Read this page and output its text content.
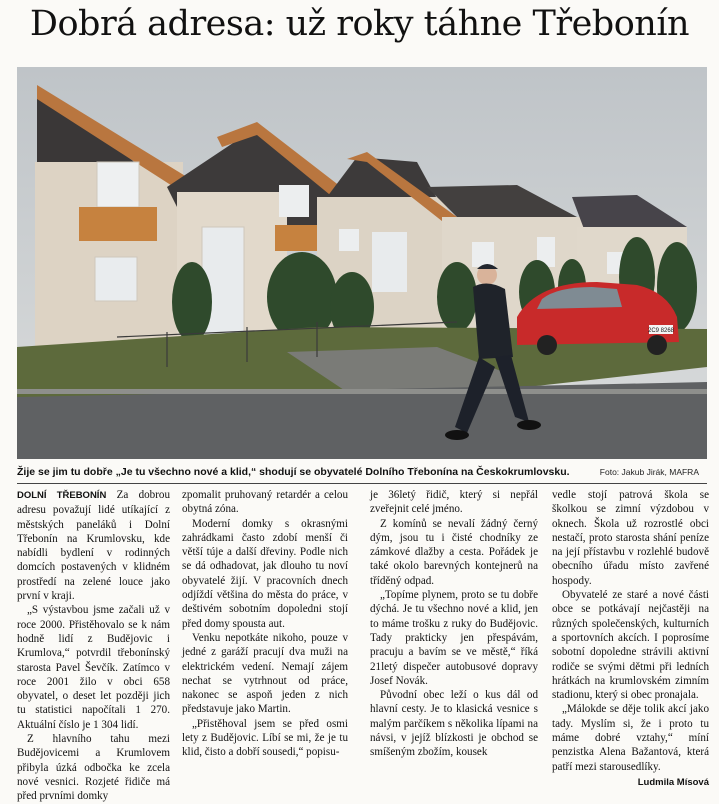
Dobrá adresa: už roky táhne Třebonín
2C9 8268
Žije se jim tu dobře „Je tu všechno nové a klid,“ shodují se obyvatelé Dolního Třebonína na Českokrumlovsku.	Foto: Jakub Jirák, MAFRA

DOLNÍ TŘEBONÍN Za dobrou adresu považují lidé utíkající z městských paneláků i Dolní Třebonín na Krumlovsku, kde nabídli bydlení v rodinných domcích postavených v klidném prostředí na zelené louce jako první v kraji.

„S výstavbou jsme začali už v roce 2000. Přistěhovalo se k nám hodně lidí z Budějovic i Krumlova,“ potvrdil třebonínský starosta Pavel Ševčík. Zatímco v roce 2001 žilo v obci 658 obyvatel, o deset let později jich tu statistici napočítali 1 270. Aktuální číslo je 1 304 lidí.

Z hlavního tahu mezi Budějovicemi a Krumlovem přibyla úzká odbočka ke zcela nové vesnici. Rozjeté řidiče má před prvními domky

zpomalit pruhovaný retardér a celou obytná zóna.

Moderní domky s okrasnými zahrádkami často zdobí menší či větší túje a další dřeviny. Podle nich se dá odhadovat, jak dlouho tu noví obyvatelé žijí. V pracovních dnech odjíždí většina do města do práce, v deštivém sobotním dopoledni stojí před domy spousta aut.

Venku nepotkáte nikoho, pouze v jedné z garáží pracují dva muži na elektrickém vedení. Nemají zájem nechat se vytrhnout od práce, nakonec se aspoň jeden z nich představuje jako Martin.

„Přistěhoval jsem se před osmi lety z Budějovic. Líbí se mi, že je tu klid, čisto a dobří sousedi,“ popisu-

je 36letý řidič, který si nepřál zveřejnit celé jméno.

Z komínů se nevalí žádný černý dým, jsou tu i čisté chodníky ze zámkové dlažby a cesta. Pořádek je také okolo barevných kontejnerů na tříděný odpad.

„Topíme plynem, proto se tu dobře dýchá. Je tu všechno nové a klid, jen to máme trošku z ruky do Budějovic. Tady prakticky jen přespávám, pracuju a bavím se ve městě,“ říká 21letý dispečer autobusové dopravy Josef Novák.

Původní obec leží o kus dál od hlavní cesty. Je to klasická vesnice s malým parčíkem s několika lípami na návsi, v jejíž blízkosti je obchod se smíšeným zbožím, kousek

vedle stojí patrová škola se školkou se zimní výzdobou v oknech. Škola už rozrostlé obci nestačí, proto starosta shání peníze na její přístavbu v rozlehlé budově obecního úřadu místo zavřené hospody.

Obyvatelé ze staré a nové části obce se potkávají nejčastěji na různých společenských, kulturních a sportovních akcích. I poprosíme sobotní dopoledne strávili aktivní rodiče se svými dětmi při ledních hrátkách na krumlovském zimním stadionu, který si obec pronajala.

„Málokde se děje tolik akcí jako tady. Myslím si, že i proto tu máme dobré vztahy,“ míní penzistka Alena Bažantová, která patří mezi starousedlíky.

Ludmila Mísová
